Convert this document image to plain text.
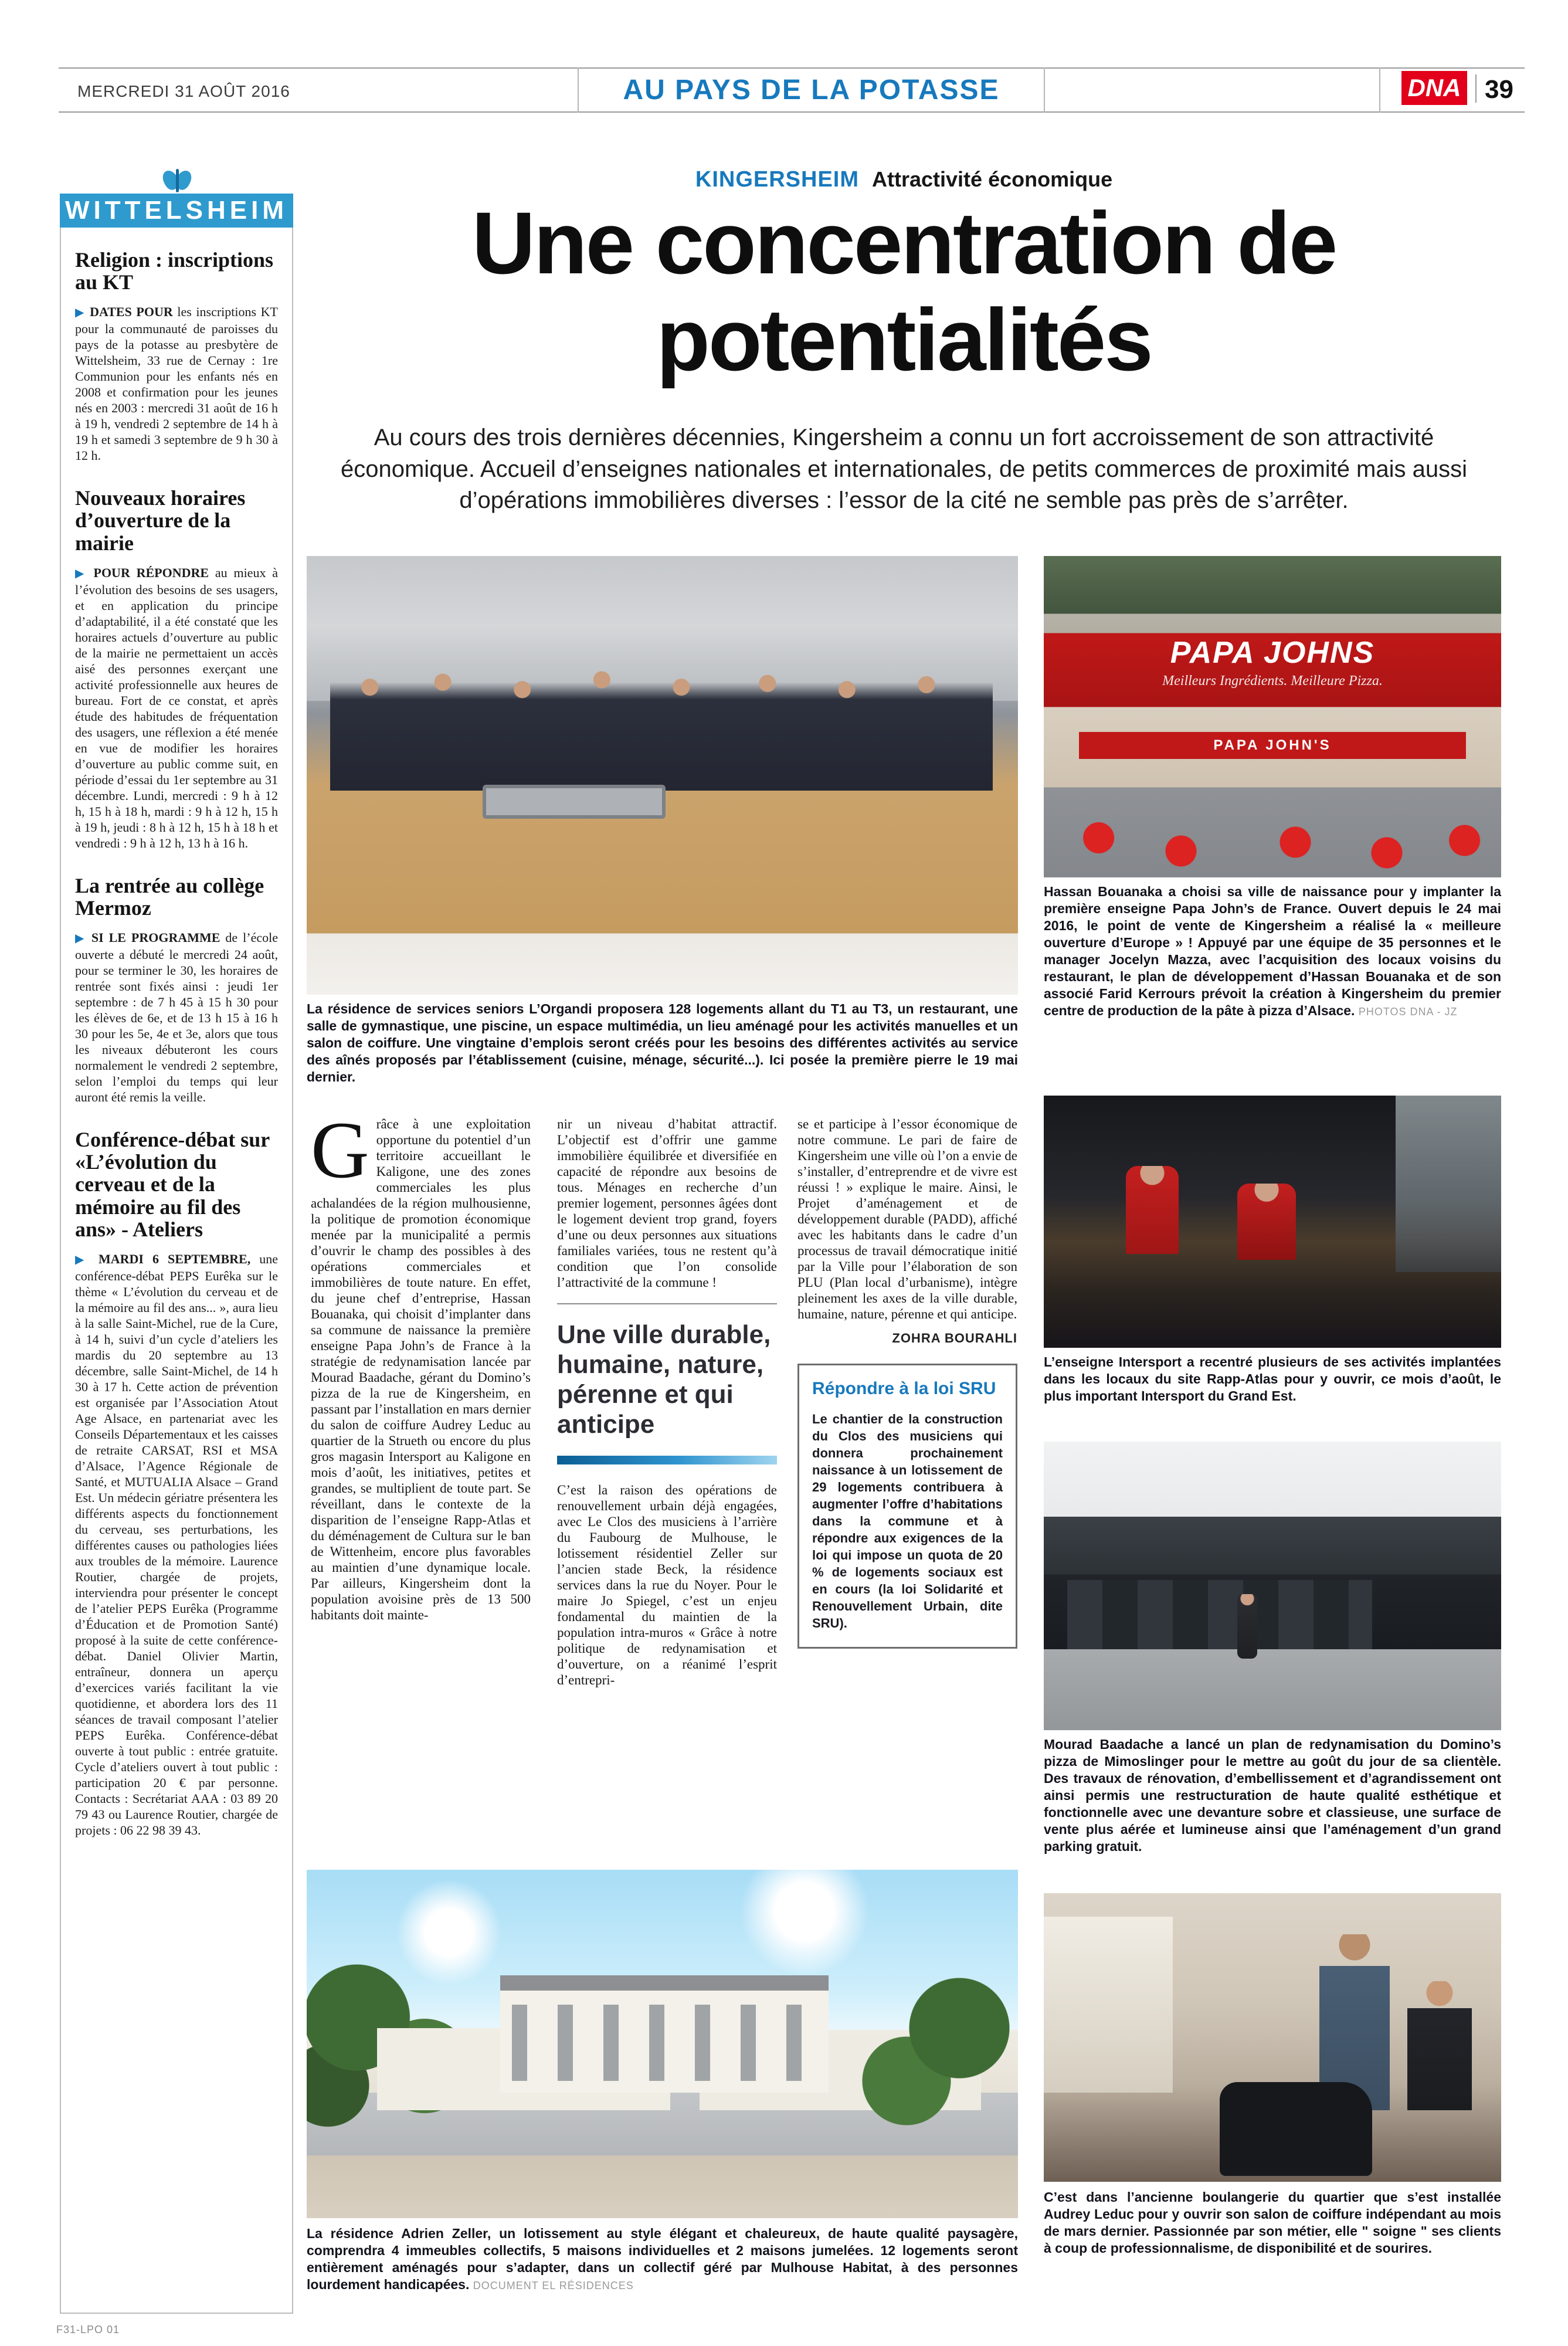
MERCREDI 31 AOÛT 2016	AU PAYS DE LA POTASSE	DNA 39
WITTELSHEIM
Religion : inscriptions au KT
▶ DATES POUR les inscriptions KT pour la communauté de paroisses du pays de la potasse au presbytère de Wittelsheim, 33 rue de Cernay : 1re Communion pour les enfants nés en 2008 et confirmation pour les jeunes nés en 2003 : mercredi 31 août de 16 h à 19 h, vendredi 2 septembre de 14 h à 19 h et samedi 3 septembre de 9 h 30 à 12 h.
Nouveaux horaires d’ouverture de la mairie
▶ POUR RÉPONDRE au mieux à l’évolution des besoins de ses usagers, et en application du principe d’adaptabilité, il a été constaté que les horaires actuels d’ouverture au public de la mairie ne permettaient un accès aisé des personnes exerçant une activité professionnelle aux heures de bureau. Fort de ce constat, et après étude des habitudes de fréquentation des usagers, une réflexion a été menée en vue de modifier les horaires d’ouverture au public comme suit, en période d’essai du 1er septembre au 31 décembre. Lundi, mercredi : 9 h à 12 h, 15 h à 18 h, mardi : 9 h à 12 h, 15 h à 19 h, jeudi : 8 h à 12 h, 15 h à 18 h et vendredi : 9 h à 12 h, 13 h à 16 h.
La rentrée au collège Mermoz
▶ SI LE PROGRAMME de l’école ouverte a débuté le mercredi 24 août, pour se terminer le 30, les horaires de rentrée sont fixés ainsi : jeudi 1er septembre : de 7 h 45 à 15 h 30 pour les élèves de 6e, et de 13 h 15 à 16 h 30 pour les 5e, 4e et 3e, alors que tous les niveaux débuteront les cours normalement le vendredi 2 septembre, selon l’emploi du temps qui leur auront été remis la veille.
Conférence-débat sur «L’évolution du cerveau et de la mémoire au fil des ans» - Ateliers
▶ MARDI 6 SEPTEMBRE, une conférence-débat PEPS Eurêka sur le thème « L’évolution du cerveau et de la mémoire au fil des ans... », aura lieu à la salle Saint-Michel, rue de la Cure, à 14 h, suivi d’un cycle d’ateliers les mardis du 20 septembre au 13 décembre, salle Saint-Michel, de 14 h 30 à 17 h. Cette action de prévention est organisée par l’Association Atout Age Alsace, en partenariat avec les Conseils Départementaux et les caisses de retraite CARSAT, RSI et MSA d’Alsace, l’Agence Régionale de Santé, et MUTUALIA Alsace – Grand Est. Un médecin gériatre présentera les différents aspects du fonctionnement du cerveau, ses perturbations, les différentes causes ou pathologies liées aux troubles de la mémoire. Laurence Routier, chargée de projets, interviendra pour présenter le concept de l’atelier PEPS Eurêka (Programme d’Éducation et de Promotion Santé) proposé à la suite de cette conférence-débat. Daniel Olivier Martin, entraîneur, donnera un aperçu d’exercices variés facilitant la vie quotidienne, et abordera lors des 11 séances de travail composant l’atelier PEPS Eurêka. Conférence-débat ouverte à tout public : entrée gratuite. Cycle d’ateliers ouvert à tout public : participation 20 € par personne. Contacts : Secrétariat AAA : 03 89 20 79 43 ou Laurence Routier, chargée de projets : 06 22 98 39 43.
F31-LPO 01
KINGERSHEIM Attractivité économique
Une concentration de potentialités
Au cours des trois dernières décennies, Kingersheim a connu un fort accroissement de son attractivité économique. Accueil d’enseignes nationales et internationales, de petits commerces de proximité mais aussi d’opérations immobilières diverses : l’essor de la cité ne semble pas près de s’arrêter.
La résidence de services seniors L’Organdi proposera 128 logements allant du T1 au T3, un restaurant, une salle de gymnastique, une piscine, un espace multimédia, un lieu aménagé pour les activités manuelles et un salon de coiffure. Une vingtaine d’emplois seront créés pour les besoins des différentes activités au service des aînés proposés par l’établissement (cuisine, ménage, sécurité...). Ici posée la première pierre le 19 mai dernier.
Grâce à une exploitation opportune du potentiel d’un territoire accueillant le Kaligone, une des zones commerciales les plus achalandées de la région mulhousienne, la politique de promotion économique menée par la municipalité a permis d’ouvrir le champ des possibles à des opérations commerciales et immobilières de toute nature. En effet, du jeune chef d’entreprise, Hassan Bouanaka, qui choisit d’implanter dans sa commune de naissance la première enseigne Papa John’s de France à la stratégie de redynamisation lancée par Mourad Baadache, gérant du Domino’s pizza de la rue de Kingersheim, en passant par l’installation en mars dernier du salon de coiffure Audrey Leduc au quartier de la Strueth ou encore du plus gros magasin Intersport au Kaligone en mois d’août, les initiatives, petites et grandes, se multiplient de toute part. Se réveillant, dans le contexte de la disparition de l’enseigne Rapp-Atlas et du déménagement de Cultura sur le ban de Wittenheim, encore plus favorables au maintien d’une dynamique locale. Par ailleurs, Kingersheim dont la population avoisine près de 13 500 habitants doit mainte-
nir un niveau d’habitat attractif. L’objectif est d’offrir une gamme immobilière équilibrée et diversifiée en capacité de répondre aux besoins de tous. Ménages en recherche d’un premier logement, personnes âgées dont le logement devient trop grand, foyers d’une ou deux personnes aux situations familiales variées, tous ne restent qu’à condition que l’on consolide l’attractivité de la commune !
Une ville durable, humaine, nature, pérenne et qui anticipe
C’est la raison des opérations de renouvellement urbain déjà engagées, avec Le Clos des musiciens à l’arrière du Faubourg de Mulhouse, le lotissement résidentiel Zeller sur l’ancien stade Beck, la résidence services dans la rue du Noyer. Pour le maire Jo Spiegel, c’est un enjeu fondamental du maintien de la population intra-muros « Grâce à notre politique de redynamisation et d’ouverture, on a réanimé l’esprit d’entrepri-
se et participe à l’essor économique de notre commune. Le pari de faire de Kingersheim une ville où l’on a envie de s’installer, d’entreprendre et de vivre est réussi ! » explique le maire. Ainsi, le Projet d’aménagement et de développement durable (PADD), affiché avec les habitants dans le cadre d’un processus de travail démocratique initié par la Ville pour l’élaboration de son PLU (Plan local d’urbanisme), intègre pleinement les axes de la ville durable, humaine, nature, pérenne et qui anticipe.
ZOHRA BOURAHLI
Répondre à la loi SRU
Le chantier de la construction du Clos des musiciens qui donnera prochainement naissance à un lotissement de 29 logements contribuera à augmenter l’offre d’habitations dans la commune et à répondre aux exigences de la loi qui impose un quota de 20 % de logements sociaux est en cours (la loi Solidarité et Renouvellement Urbain, dite SRU).
PAPA JOHNS
Meilleurs Ingrédients. Meilleure Pizza.
PAPA JOHN'S
Hassan Bouanaka a choisi sa ville de naissance pour y implanter la première enseigne Papa John’s de France. Ouvert depuis le 24 mai 2016, le point de vente de Kingersheim a réalisé la « meilleure ouverture d’Europe » ! Appuyé par une équipe de 35 personnes et le manager Jocelyn Mazza, avec l’acquisition des locaux voisins du restaurant, le plan de développement d’Hassan Bouanaka et de son associé Farid Kerrours prévoit la création à Kingersheim du premier centre de production de la pâte à pizza d’Alsace. PHOTOS DNA - JZ
L’enseigne Intersport a recentré plusieurs de ses activités implantées dans les locaux du site Rapp-Atlas pour y ouvrir, ce mois d’août, le plus important Intersport du Grand Est.
Mourad Baadache a lancé un plan de redynamisation du Domino’s pizza de Mimoslinger pour le mettre au goût du jour de sa clientèle. Des travaux de rénovation, d’embellissement et d’agrandissement ont ainsi permis une restructuration de haute qualité esthétique et fonctionnelle avec une devanture sobre et classieuse, une surface de vente plus aérée et lumineuse ainsi que l’aménagement d’un grand parking gratuit.
C’est dans l’ancienne boulangerie du quartier que s’est installée Audrey Leduc pour y ouvrir son salon de coiffure indépendant au mois de mars dernier. Passionnée par son métier, elle " soigne " ses clients à coup de professionnalisme, de disponibilité et de sourires.
La résidence Adrien Zeller, un lotissement au style élégant et chaleureux, de haute qualité paysagère, comprendra 4 immeubles collectifs, 5 maisons individuelles et 2 maisons jumelées. 12 logements seront entièrement aménagés pour s’adapter, dans un collectif géré par Mulhouse Habitat, à des personnes lourdement handicapées. DOCUMENT EL RÉSIDENCES
